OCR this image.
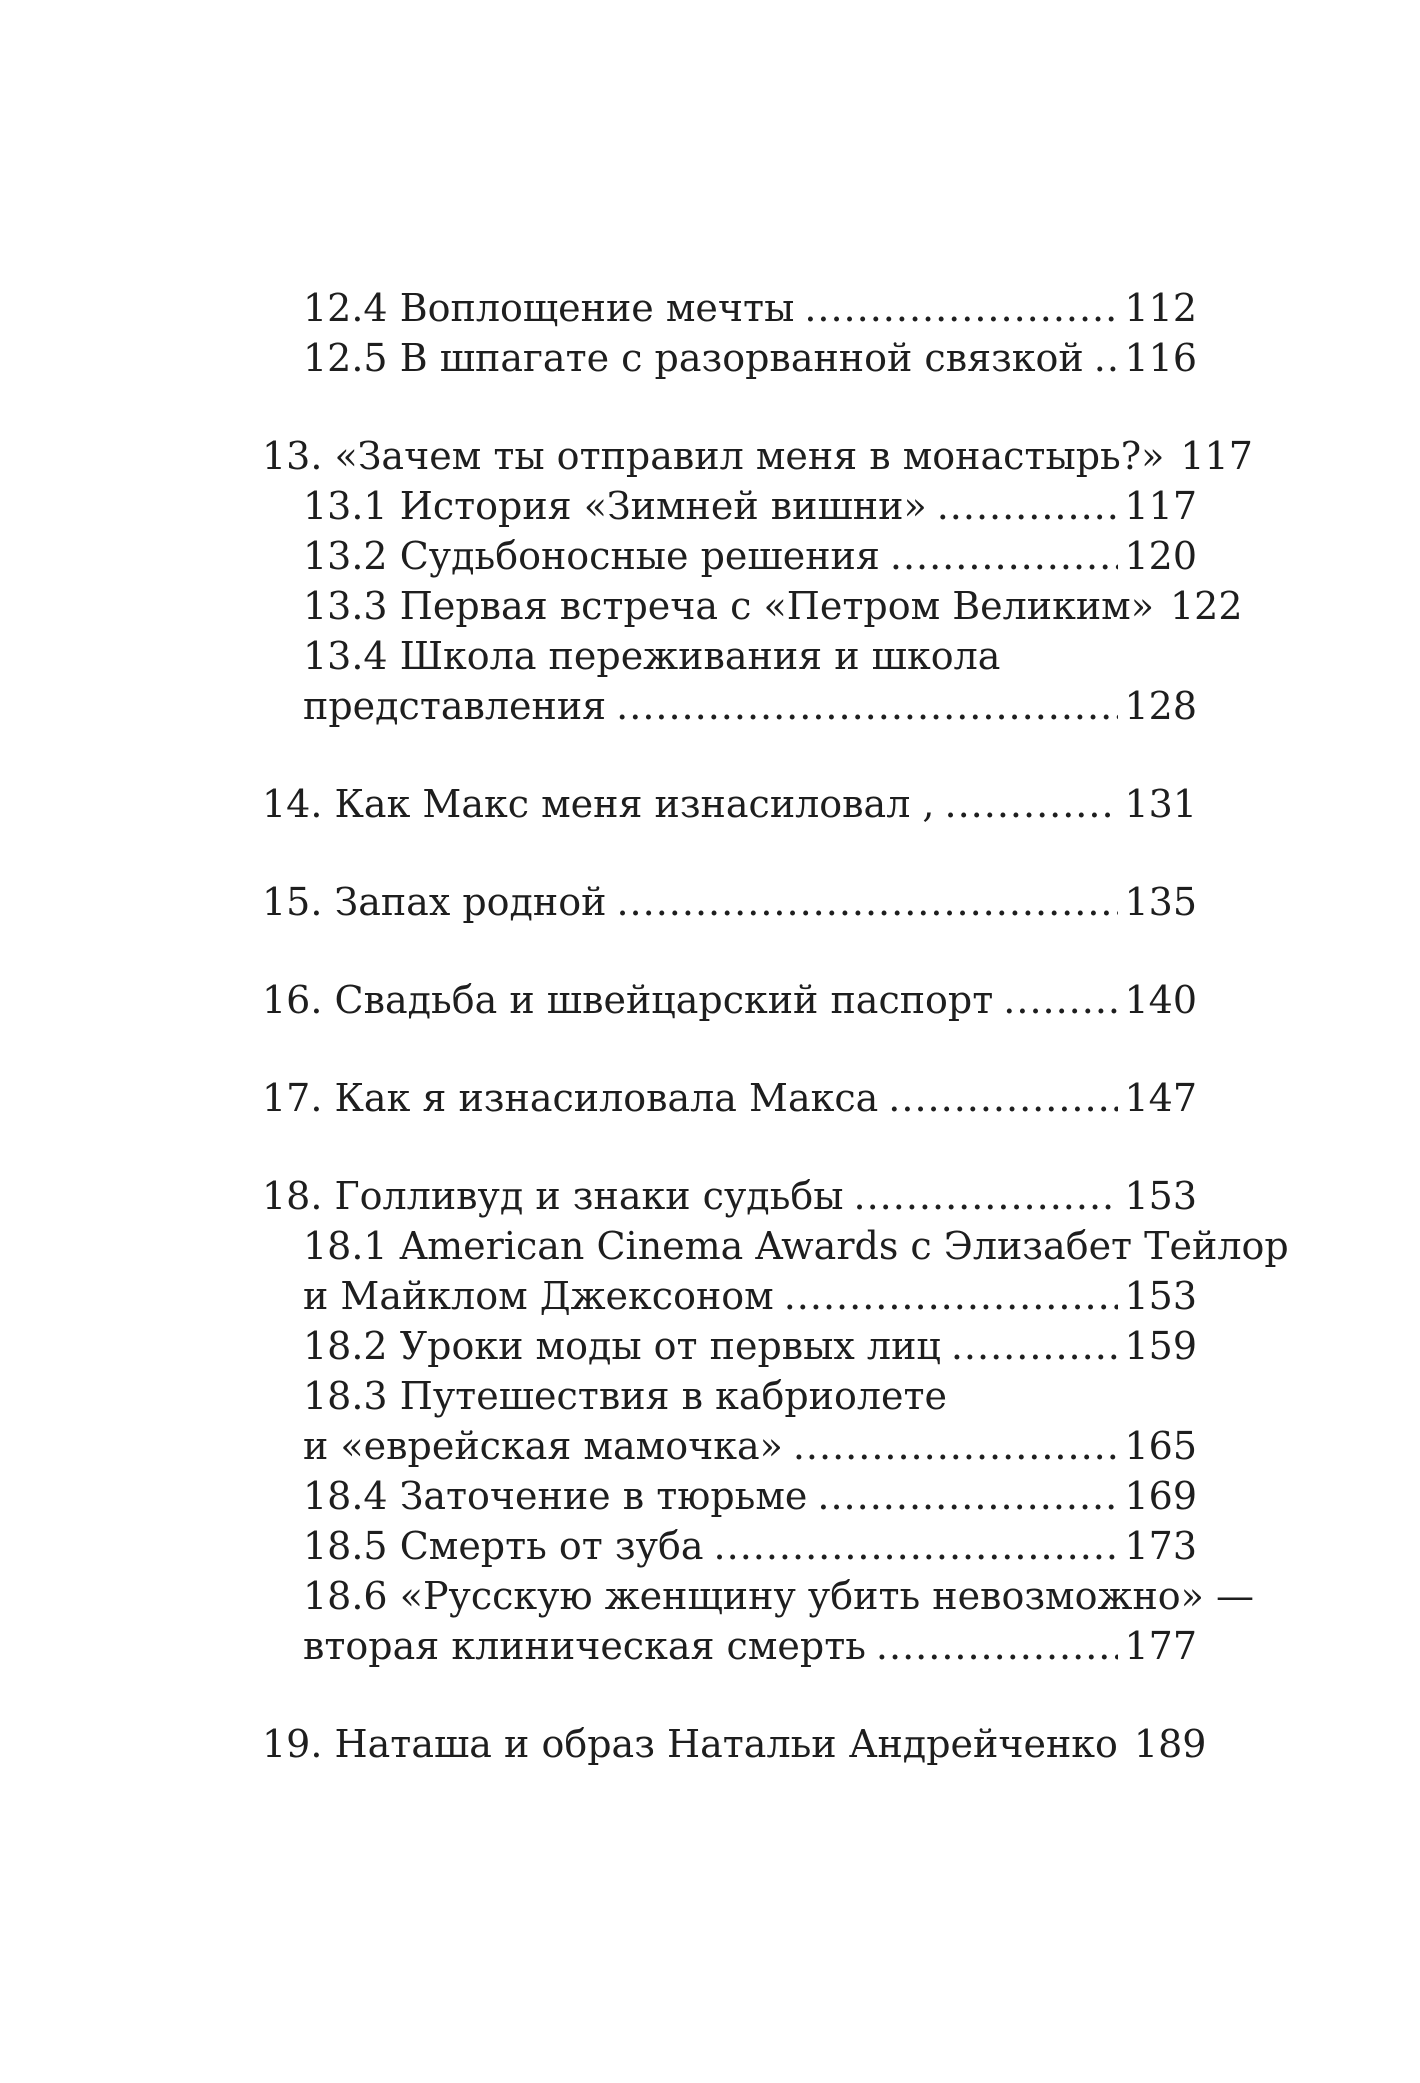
12.4 Воплощение мечты .....	112
12.5 В шпагате с разорванной связкой ..... 116
13. «Зачем ты отправил меня в монастырь?» 117
13.1 История «Зимней вишни» .....	117
13.2 Судьбоносные решения .....	120
13.3 Первая встреча с «Петром Великим» 122
13.4 Школа переживания и школа
представления .....	128
14. Как Макс меня изнасиловал , .....	131
15. Запах родной .....	135
16. Свадьба и швейцарский паспорт .....	140
17. Как я изнасиловала Макса .....	147
18. Голливуд и знаки судьбы .....	153
18.1 American Cinema Awards с Элизабет Тейлор
и Майклом Джексоном .....	153
18.2 Уроки моды от первых лиц .....	159
18.3 Путешествия в кабриолете
и «еврейская мамочка» .....	165
18.4 Заточение в тюрьме .....	169
18.5 Смерть от зуба .....	173
18.6 «Русскую женщину убить невозможно» —
вторая клиническая смерть .....	177
19. Наташа и образ Натальи Андрейченко 189
